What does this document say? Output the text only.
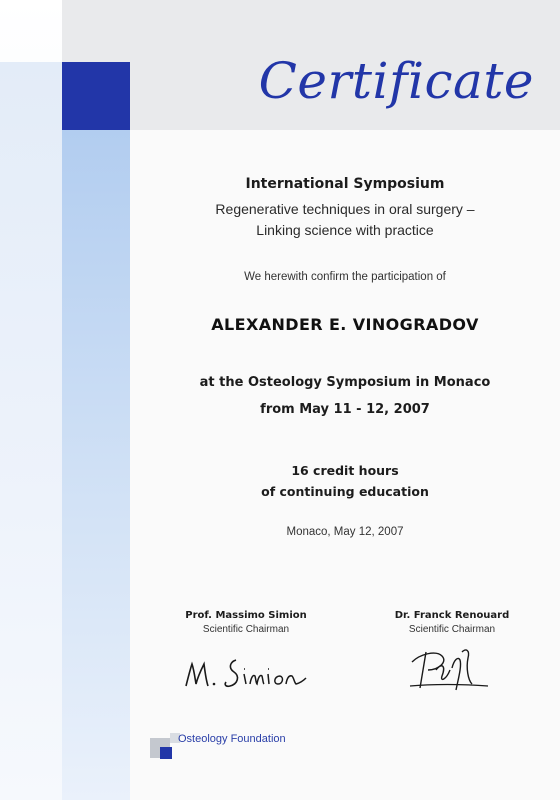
Certificate
International Symposium
Regenerative techniques in oral surgery –
Linking science with practice
We herewith confirm the participation of
ALEXANDER E. VINOGRADOV
at the Osteology Symposium in Monaco
from May 11 - 12, 2007
16 credit hours
of continuing education
Monaco, May 12, 2007
Prof. Massimo Simion
Scientific Chairman
Dr. Franck Renouard
Scientific Chairman
Osteology Foundation
